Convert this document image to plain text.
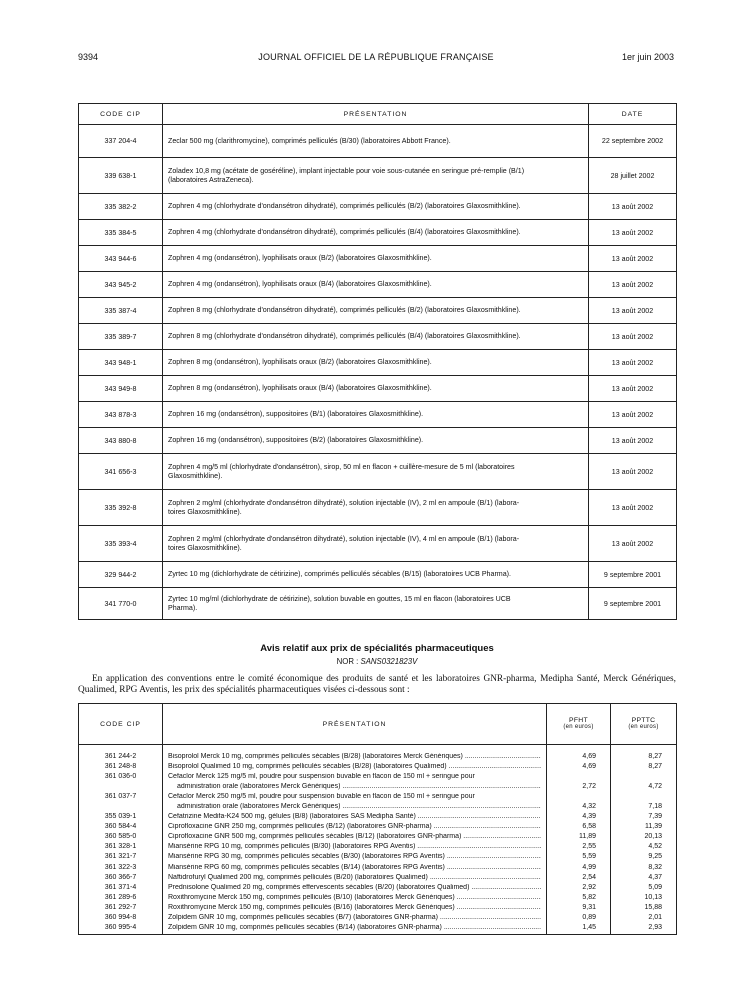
9394	JOURNAL OFFICIEL DE LA RÉPUBLIQUE FRANÇAISE	1er juin 2003
CODE CIP	PRÉSENTATION	DATE
337 204-4	Zeclar 500 mg (clarithromycine), comprimés pelliculés (B/30) (laboratoires Abbott France).	22 septembre 2002
339 638-1	Zoladex 10,8 mg (acétate de goséréline), implant injectable pour voie sous-cutanée en seringue pré-remplie (B/1)
(laboratoires AstraZeneca).	28 juillet 2002
335 382-2	Zophren 4 mg (chlorhydrate d'ondansétron dihydraté), comprimés pelliculés (B/2) (laboratoires Glaxosmithkline).	13 août 2002
335 384-5	Zophren 4 mg (chlorhydrate d'ondansétron dihydraté), comprimés pelliculés (B/4) (laboratoires Glaxosmithkline).	13 août 2002
343 944-6	Zophren 4 mg (ondansétron), lyophilisats oraux (B/2) (laboratoires Glaxosmithkline).	13 août 2002
343 945-2	Zophren 4 mg (ondansétron), lyophilisats oraux (B/4) (laboratoires Glaxosmithkline).	13 août 2002
335 387-4	Zophren 8 mg (chlorhydrate d'ondansétron dihydraté), comprimés pelliculés (B/2) (laboratoires Glaxosmithkline).	13 août 2002
335 389-7	Zophren 8 mg (chlorhydrate d'ondansétron dihydraté), comprimés pelliculés (B/4) (laboratoires Glaxosmithkline).	13 août 2002
343 948-1	Zophren 8 mg (ondansétron), lyophilisats oraux (B/2) (laboratoires Glaxosmithkline).	13 août 2002
343 949-8	Zophren 8 mg (ondansétron), lyophilisats oraux (B/4) (laboratoires Glaxosmithkline).	13 août 2002
343 878-3	Zophren 16 mg (ondansétron), suppositoires (B/1) (laboratoires Glaxosmithkline).	13 août 2002
343 880-8	Zophren 16 mg (ondansétron), suppositoires (B/2) (laboratoires Glaxosmithkline).	13 août 2002
341 656-3	Zophren 4 mg/5 ml (chlorhydrate d'ondansétron), sirop, 50 ml en flacon + cuillère-mesure de 5 ml (laboratoires
Glaxosmithkline).	13 août 2002
335 392-8	Zophren 2 mg/ml (chlorhydrate d'ondansétron dihydraté), solution injectable (IV), 2 ml en ampoule (B/1) (labora-
toires Glaxosmithkline).	13 août 2002
335 393-4	Zophren 2 mg/ml (chlorhydrate d'ondansétron dihydraté), solution injectable (IV), 4 ml en ampoule (B/1) (labora-
toires Glaxosmithkline).	13 août 2002
329 944-2	Zyrtec 10 mg (dichlorhydrate de cétirizine), comprimés pelliculés sécables (B/15) (laboratoires UCB Pharma).	9 septembre 2001
341 770-0	Zyrtec 10 mg/ml (dichlorhydrate de cétirizine), solution buvable en gouttes, 15 ml en flacon (laboratoires UCB
Pharma).	9 septembre 2001
Avis relatif aux prix de spécialités pharmaceutiques
NOR : SANS0321823V
En application des conventions entre le comité économique des produits de santé et les laboratoires GNR-pharma, Medipha Santé, Merck Génériques, Qualimed, RPG Aventis, les prix des spécialités pharmaceutiques visées ci-dessous sont :
CODE CIP	PRÉSENTATION	PFHT
(en euros)	PPTTC
(en euros)

361 244-2	Bisoprolol Merck 10 mg, comprimés pelliculés sécables (B/28) (laboratoires Merck Génériques) .....	4,69	8,27
361 248-8	Bisoprolol Qualimed 10 mg, comprimés pelliculés sécables (B/28) (laboratoires Qualimed) .....	4,69	8,27
361 036-0	Cefaclor Merck 125 mg/5 ml, poudre pour suspension buvable en flacon de 150 ml + seringue pour		

	administration orale (laboratoires Merck Génériques) .....	2,72	4,72
361 037-7	Cefaclor Merck 250 mg/5 ml, poudre pour suspension buvable en flacon de 150 ml + seringue pour		

	administration orale (laboratoires Merck Génériques) .....	4,32	7,18
355 039-1	Cefatrizine Medifa-K24 500 mg, gélules (B/8) (laboratoires SAS Medipha Santé) .....	4,39	7,39
360 584-4	Ciprofloxacine GNR 250 mg, comprimés pelliculés (B/12) (laboratoires GNR-pharma) .....	6,58	11,39
360 585-0	Ciprofloxacine GNR 500 mg, comprimés pelliculés sécables (B/12) (laboratoires GNR-pharma) .....	11,89	20,13
361 328-1	Miansérine RPG 10 mg, comprimés pelliculés (B/30) (laboratoires RPG Aventis) .....	2,55	4,52
361 321-7	Miansérine RPG 30 mg, comprimés pelliculés sécables (B/30) (laboratoires RPG Aventis) .....	5,59	9,25
361 322-3	Miansérine RPG 60 mg, comprimés pelliculés sécables (B/14) (laboratoires RPG Aventis) .....	4,99	8,32
360 366-7	Naftidrofuryl Qualimed 200 mg, comprimés pelliculés (B/20) (laboratoires Qualimed) .....	2,54	4,37
361 371-4	Prednisolone Qualimed 20 mg, comprimés effervescents sécables (B/20) (laboratoires Qualimed) .....	2,92	5,09
361 289-6	Roxithromycine Merck 150 mg, comprimés pelliculés (B/10) (laboratoires Merck Génériques) .....	5,82	10,13
361 292-7	Roxithromycine Merck 150 mg, comprimés pelliculés (B/16) (laboratoires Merck Génériques) .....	9,31	15,88
360 994-8	Zolpidem GNR 10 mg, comprimés pelliculés sécables (B/7) (laboratoires GNR-pharma) .....	0,89	2,01
360 995-4	Zolpidem GNR 10 mg, comprimés pelliculés sécables (B/14) (laboratoires GNR-pharma) .....	1,45	2,93
